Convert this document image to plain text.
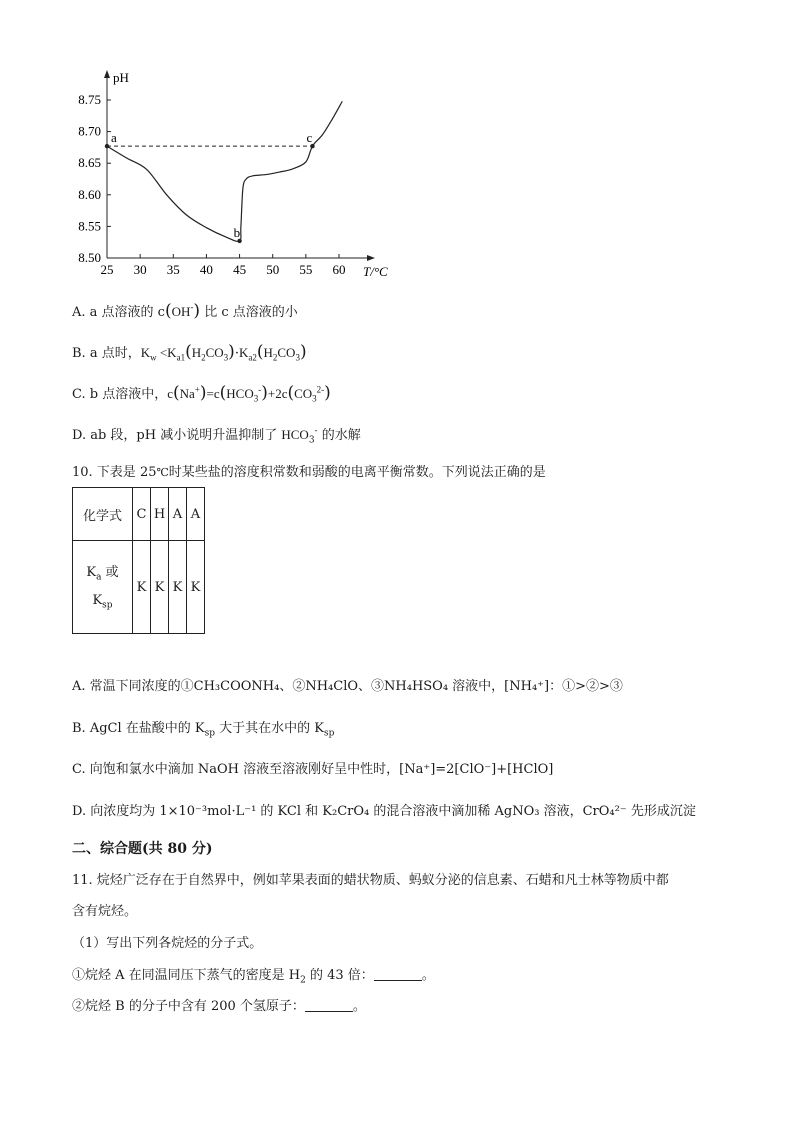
pH
T/°C
25 30 35 40 45 50 55 60
8.50
8.55
8.60
8.65
8.70
8.75
a
b
c
A. a 点溶液的 c(OH-) 比 c 点溶液的小
B. a 点时，$K_w <K_{a1}(H_2CO_3)\cdot K_{a2}(H_2CO_3)$
C. b 点溶液中，$c(Na^+)=c(HCO_3^-)+2c(CO_3^{2-})$
D. ab 段，pH 减小说明升温抑制了 $HCO_3^-$ 的水解
10. 下表是 25℃时某些盐的溶度积常数和弱酸的电离平衡常数。下列说法正确的是
化学式	C	H	A	A
$K_a$ 或
$K_{sp}$	K	K	K	K
A. 常温下同浓度的①CH₃COONH₄、②NH₄ClO、③NH₄HSO₄ 溶液中，[NH₄⁺]：①>②>③
B. AgCl 在盐酸中的 $K_{sp}$ 大于其在水中的 $K_{sp}$
C. 向饱和氯水中滴加 NaOH 溶液至溶液刚好呈中性时，[Na⁺]=2[ClO⁻]+[HClO]
D. 向浓度均为 1×10⁻³mol·L⁻¹ 的 KCl 和 K₂CrO₄ 的混合溶液中滴加稀 AgNO₃ 溶液，CrO₄²⁻ 先形成沉淀
二、综合题(共 80 分)
11. 烷烃广泛存在于自然界中，例如苹果表面的蜡状物质、蚂蚁分泌的信息素、石蜡和凡士林等物质中都
含有烷烃。
（1）写出下列各烷烃的分子式。
①烷烃 A 在同温同压下蒸气的密度是 $H_2$ 的 43 倍：	。
②烷烃 B 的分子中含有 200 个氢原子：	。
